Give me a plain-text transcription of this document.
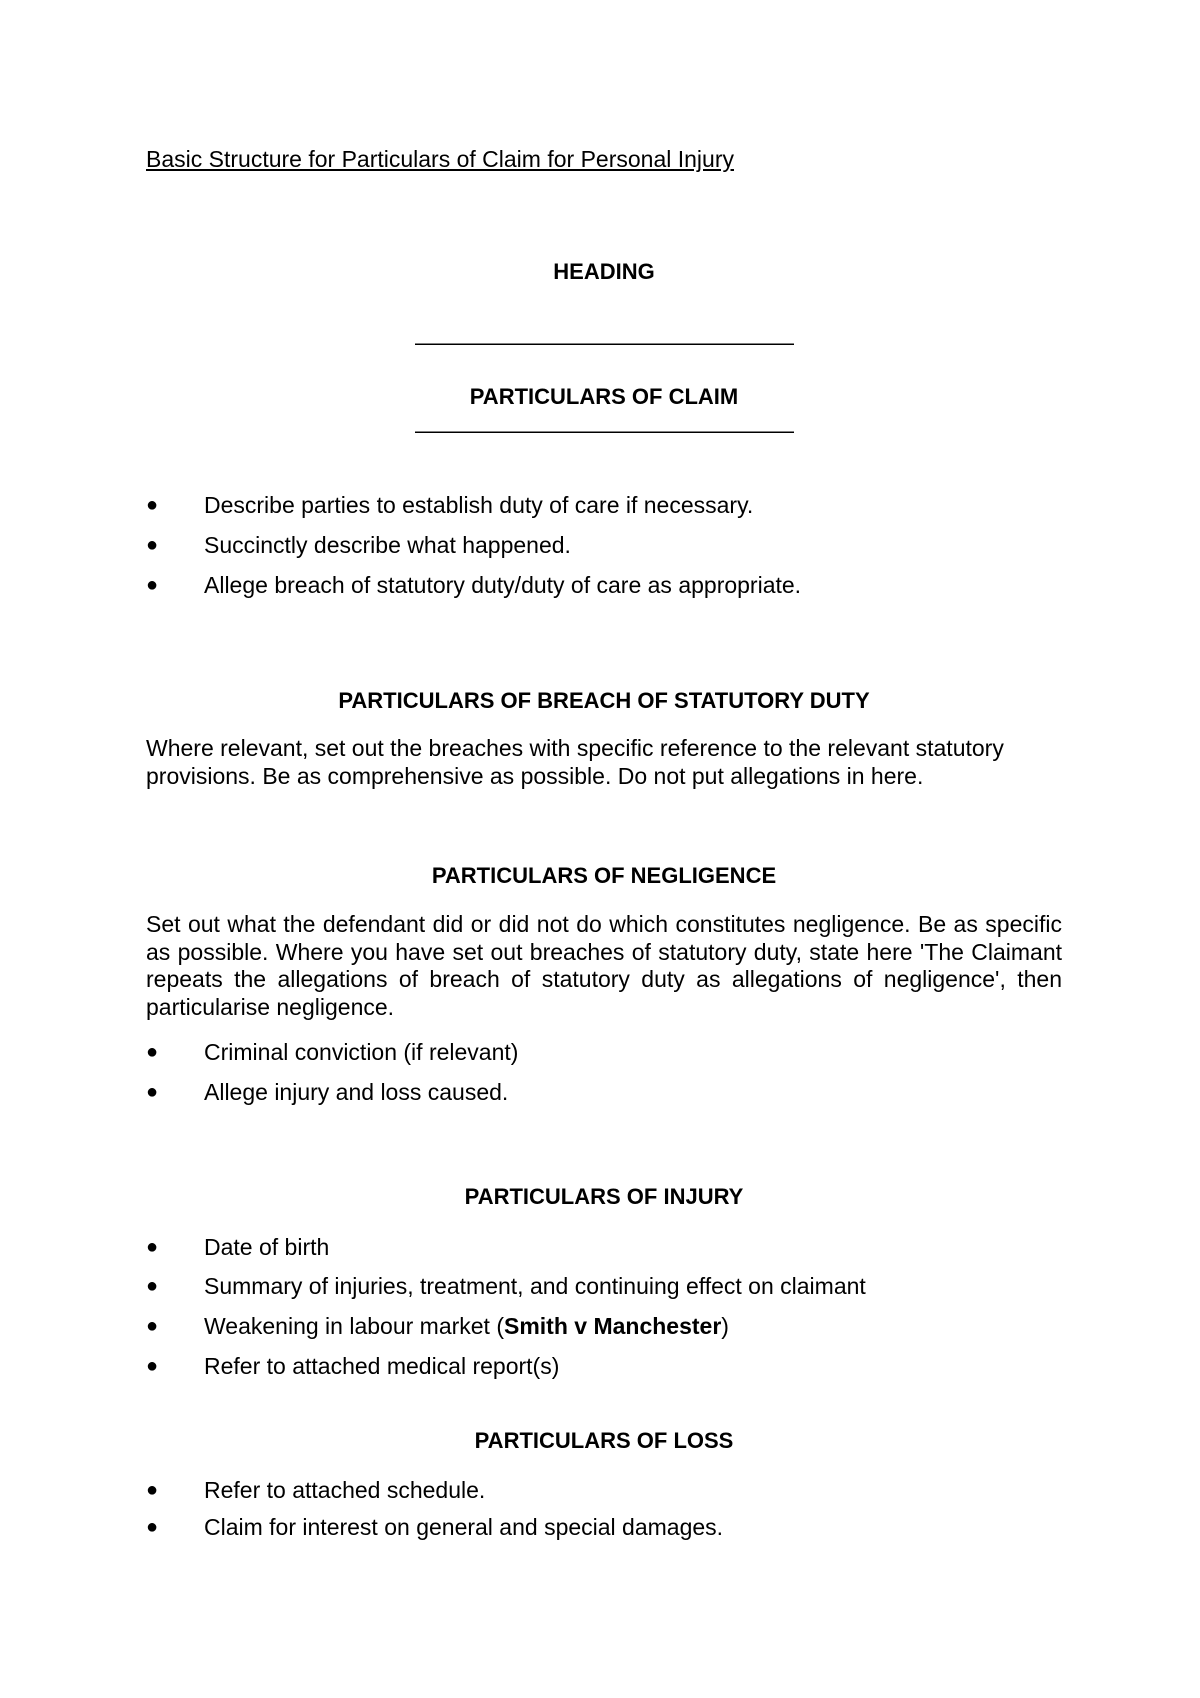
Basic Structure for Particulars of Claim for Personal Injury
HEADING
——————————————————
PARTICULARS OF CLAIM
——————————————————
● Describe parties to establish duty of care if necessary.
● Succinctly describe what happened.
● Allege breach of statutory duty/duty of care as appropriate.
PARTICULARS OF BREACH OF STATUTORY DUTY
Where relevant, set out the breaches with specific reference to the relevant statutory provisions. Be as comprehensive as possible. Do not put allegations in here.
PARTICULARS OF NEGLIGENCE
Set out what the defendant did or did not do which constitutes negligence. Be as specific as possible. Where you have set out breaches of statutory duty, state here 'The Claimant repeats the allegations of breach of statutory duty as allegations of negligence', then particularise negligence.
● Criminal conviction (if relevant)
● Allege injury and loss caused.
PARTICULARS OF INJURY
● Date of birth
● Summary of injuries, treatment, and continuing effect on claimant
● Weakening in labour market (Smith v Manchester)
● Refer to attached medical report(s)
PARTICULARS OF LOSS
● Refer to attached schedule.
● Claim for interest on general and special damages.
